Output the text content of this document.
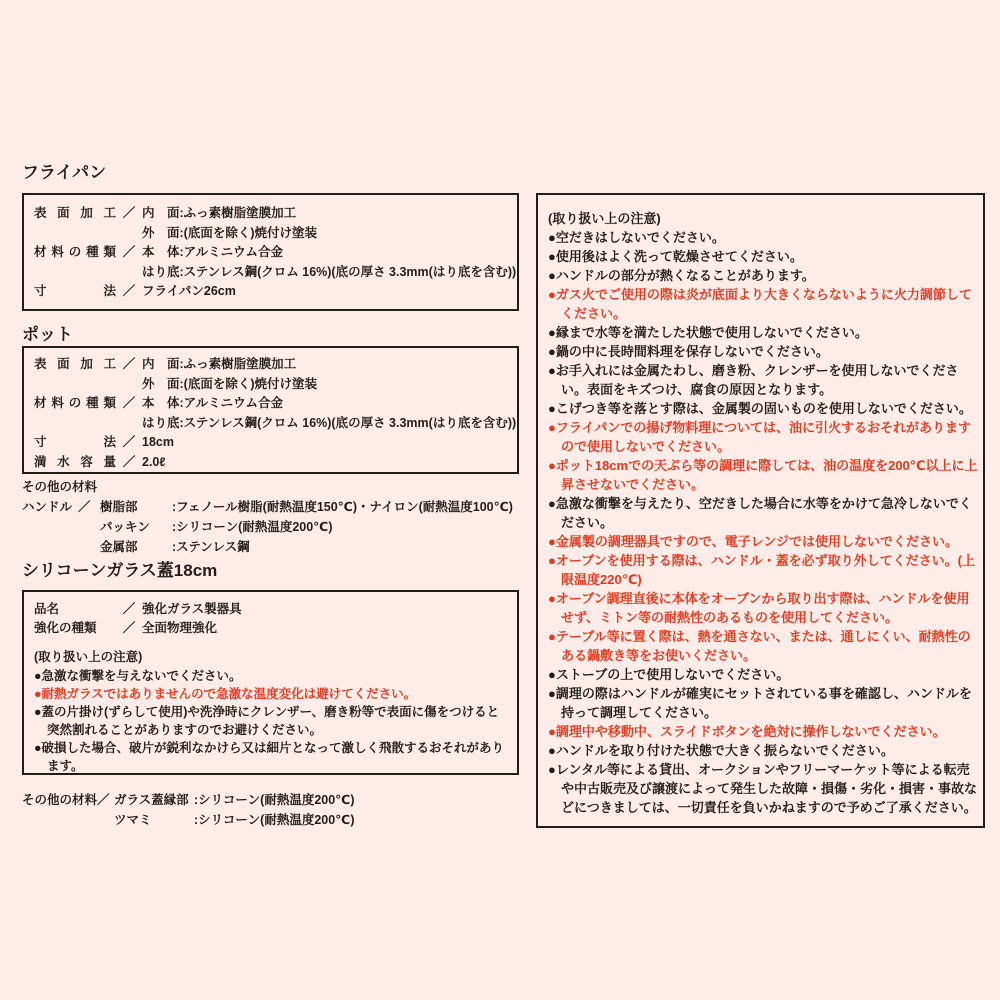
フライパン
表面加工 ／ 内　面:ふっ素樹脂塗膜加工
外　面:(底面を除く)焼付け塗装
材料の種類 ／ 本　体:アルミニウム合金
はり底:ステンレス鋼(クロム 16%)(底の厚さ 3.3mm(はり底を含む))
寸法 ／ フライパン26cm
ポット
表面加工 ／ 内　面:ふっ素樹脂塗膜加工
外　面:(底面を除く)焼付け塗装
材料の種類 ／ 本　体:アルミニウム合金
はり底:ステンレス鋼(クロム 16%)(底の厚さ 3.3mm(はり底を含む))
寸法 ／ 18cm
満水容量 ／ 2.0ℓ
その他の材料
ハンドル ／ 樹脂部	:フェノール樹脂(耐熱温度150℃)・ナイロン(耐熱温度100℃)
パッキン	:シリコーン(耐熱温度200℃)
金属部	:ステンレス鋼
シリコーンガラス蓋18cm
品名	／ 強化ガラス製器具
強化の種類	／ 全面物理強化
(取り扱い上の注意)
●急激な衝撃を与えないでください。
●耐熱ガラスではありませんので急激な温度変化は避けてください。
●蓋の片掛け(ずらして使用)や洗浄時にクレンザー、磨き粉等で表面に傷をつけると突然割れることがありますのでお避けください。
●破損した場合、破片が鋭利なかけら又は細片となって激しく飛散するおそれがあります。
その他の材料／ ガラス蓋縁部 :シリコーン(耐熱温度200℃)
ツマミ	:シリコーン(耐熱温度200℃)
(取り扱い上の注意)
●空だきはしないでください。
●使用後はよく洗って乾燥させてください。
●ハンドルの部分が熱くなることがあります。
●ガス火でご使用の際は炎が底面より大きくならないように火力調節してください。
●縁まで水等を満たした状態で使用しないでください。
●鍋の中に長時間料理を保存しないでください。
●お手入れには金属たわし、磨き粉、クレンザーを使用しないでください。表面をキズつけ、腐食の原因となります。
●こげつき等を落とす際は、金属製の固いものを使用しないでください。
●フライパンでの揚げ物料理については、油に引火するおそれがありますので使用しないでください。
●ポット18cmでの天ぷら等の調理に際しては、油の温度を200℃以上に上昇させないでください。
●急激な衝撃を与えたり、空だきした場合に水等をかけて急冷しないでください。
●金属製の調理器具ですので、電子レンジでは使用しないでください。
●オーブンを使用する際は、ハンドル・蓋を必ず取り外してください。(上限温度220℃)
●オーブン調理直後に本体をオーブンから取り出す際は、ハンドルを使用せず、ミトン等の耐熱性のあるものを使用してください。
●テーブル等に置く際は、熱を通さない、または、通しにくい、耐熱性のある鍋敷き等をお使いください。
●ストーブの上で使用しないでください。
●調理の際はハンドルが確実にセットされている事を確認し、ハンドルを持って調理してください。
●調理中や移動中、スライドボタンを絶対に操作しないでください。
●ハンドルを取り付けた状態で大きく振らないでください。
●レンタル等による貸出、オークションやフリーマーケット等による転売や中古販売及び譲渡によって発生した故障・損傷・劣化・損害・事故などにつきましては、一切責任を負いかねますので予めご了承ください。
